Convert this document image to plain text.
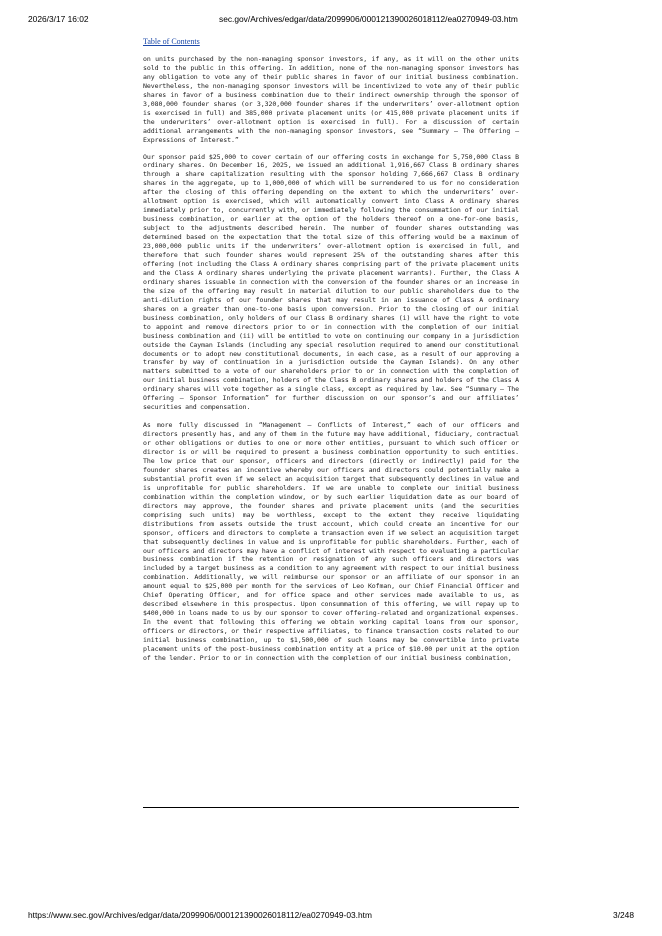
2026/3/17 16:02	sec.gov/Archives/edgar/data/2099906/000121390026018112/ea0270949-03.htm
Table of Contents

on units purchased by the non-managing sponsor investors, if any, as it will on the other units sold to the public in this offering. In addition, none of the non-managing sponsor investors has any obligation to vote any of their public shares in favor of our initial business combination. Nevertheless, the non-managing sponsor investors will be incentivized to vote any of their public shares in favor of a business combination due to their indirect ownership through the sponsor of 3,080,000 founder shares (or 3,320,000 founder shares if the underwriters’ over-allotment option is exercised in full) and 385,000 private placement units (or 415,000 private placement units if the underwriters’ over-allotment option is exercised in full). For a discussion of certain additional arrangements with the non-managing sponsor investors, see “Summary — The Offering — Expressions of Interest.”

Our sponsor paid $25,000 to cover certain of our offering costs in exchange for 5,750,000 Class B ordinary shares. On December 16, 2025, we issued an additional 1,916,667 Class B ordinary shares through a share capitalization resulting with the sponsor holding 7,666,667 Class B ordinary shares in the aggregate, up to 1,000,000 of which will be surrendered to us for no consideration after the closing of this offering depending on the extent to which the underwriters’ over-allotment option is exercised, which will automatically convert into Class A ordinary shares immediately prior to, concurrently with, or immediately following the consummation of our initial business combination, or earlier at the option of the holders thereof on a one-for-one basis, subject to the adjustments described herein. The number of founder shares outstanding was determined based on the expectation that the total size of this offering would be a maximum of 23,000,000 public units if the underwriters’ over-allotment option is exercised in full, and therefore that such founder shares would represent 25% of the outstanding shares after this offering (not including the Class A ordinary shares comprising part of the private placement units and the Class A ordinary shares underlying the private placement warrants). Further, the Class A ordinary shares issuable in connection with the conversion of the founder shares or an increase in the size of the offering may result in material dilution to our public shareholders due to the anti-dilution rights of our founder shares that may result in an issuance of Class A ordinary shares on a greater than one-to-one basis upon conversion. Prior to the closing of our initial business combination, only holders of our Class B ordinary shares (i) will have the right to vote to appoint and remove directors prior to or in connection with the completion of our initial business combination and (ii) will be entitled to vote on continuing our company in a jurisdiction outside the Cayman Islands (including any special resolution required to amend our constitutional documents or to adopt new constitutional documents, in each case, as a result of our approving a transfer by way of continuation in a jurisdiction outside the Cayman Islands). On any other matters submitted to a vote of our shareholders prior to or in connection with the completion of our initial business combination, holders of the Class B ordinary shares and holders of the Class A ordinary shares will vote together as a single class, except as required by law. See “Summary — The Offering — Sponsor Information” for further discussion on our sponsor’s and our affiliates’ securities and compensation.

As more fully discussed in “Management — Conflicts of Interest,” each of our officers and directors presently has, and any of them in the future may have additional, fiduciary, contractual or other obligations or duties to one or more other entities, pursuant to which such officer or director is or will be required to present a business combination opportunity to such entities. The low price that our sponsor, officers and directors (directly or indirectly) paid for the founder shares creates an incentive whereby our officers and directors could potentially make a substantial profit even if we select an acquisition target that subsequently declines in value and is unprofitable for public shareholders. If we are unable to complete our initial business combination within the completion window, or by such earlier liquidation date as our board of directors may approve, the founder shares and private placement units (and the securities comprising such units) may be worthless, except to the extent they receive liquidating distributions from assets outside the trust account, which could create an incentive for our sponsor, officers and directors to complete a transaction even if we select an acquisition target that subsequently declines in value and is unprofitable for public shareholders. Further, each of our officers and directors may have a conflict of interest with respect to evaluating a particular business combination if the retention or resignation of any such officers and directors was included by a target business as a condition to any agreement with respect to our initial business combination. Additionally, we will reimburse our sponsor or an affiliate of our sponsor in an amount equal to $25,000 per month for the services of Leo Kofman, our Chief Financial Officer and Chief Operating Officer, and for office space and other services made available to us, as described elsewhere in this prospectus. Upon consummation of this offering, we will repay up to $400,000 in loans made to us by our sponsor to cover offering-related and organizational expenses. In the event that following this offering we obtain working capital loans from our sponsor, officers or directors, or their respective affiliates, to finance transaction costs related to our initial business combination, up to $1,500,000 of such loans may be convertible into private placement units of the post-business combination entity at a price of $10.00 per unit at the option of the lender. Prior to or in connection with the completion of our initial business combination,

https://www.sec.gov/Archives/edgar/data/2099906/000121390026018112/ea0270949-03.htm	3/248
